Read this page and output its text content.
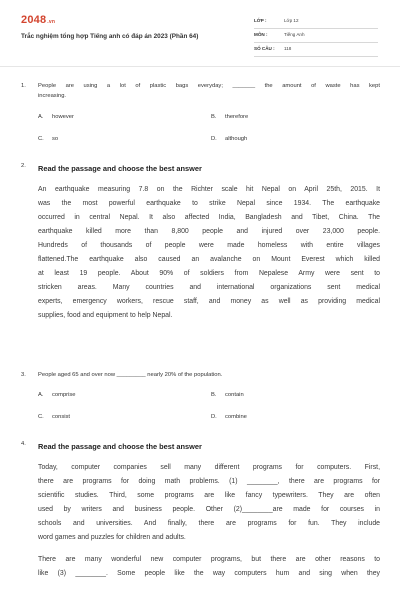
2048.vn
Trắc nghiệm tổng hợp Tiếng anh có đáp án 2023 (Phần 64)
LỚP :	Lớp 12
MÔN :	Tiếng Anh
SỐ CÂU : 118
1. People are using a lot of plastic bags everyday; _______ the amount of waste has kept
increasing.
A. however	B. therefore
C. so	D. although
2. Read the passage and choose the best answer

An earthquake measuring 7.8 on the Richter scale hit Nepal on April 25th, 2015. It

was the most powerful earthquake to strike Nepal since 1934. The earthquake

occurred in central Nepal. It also affected India, Bangladesh and Tibet, China. The

earthquake killed more than 8,800 people and injured over 23,000 people.

Hundreds of thousands of people were made homeless with entire villages

flattened.The earthquake also caused an avalanche on Mount Everest which killed

at least 19 people. About 90% of soldiers from Nepalese Army were sent to

stricken areas. Many countries and international organizations sent medical

experts, emergency workers, rescue staff, and money as well as providing medical

supplies, food and equipment to help Nepal.

3. People aged 65 and over now _________ nearly 20% of the population.
A. comprise	B. contain
C. consist	D. combine
4. Read the passage and choose the best answer

Today, computer companies sell many different programs for computers. First,

there are programs for doing math problems. (1) ________, there are programs for

scientific studies. Third, some programs are like fancy typewriters. They are often

used by writers and business people. Other (2)________are made for courses in

schools and universities. And finally, there are programs for fun. They include

word games and puzzles for children and adults.

There are many wonderful new computer programs, but there are other reasons to

like (3) ________. Some people like the way computers hum and sing when they
